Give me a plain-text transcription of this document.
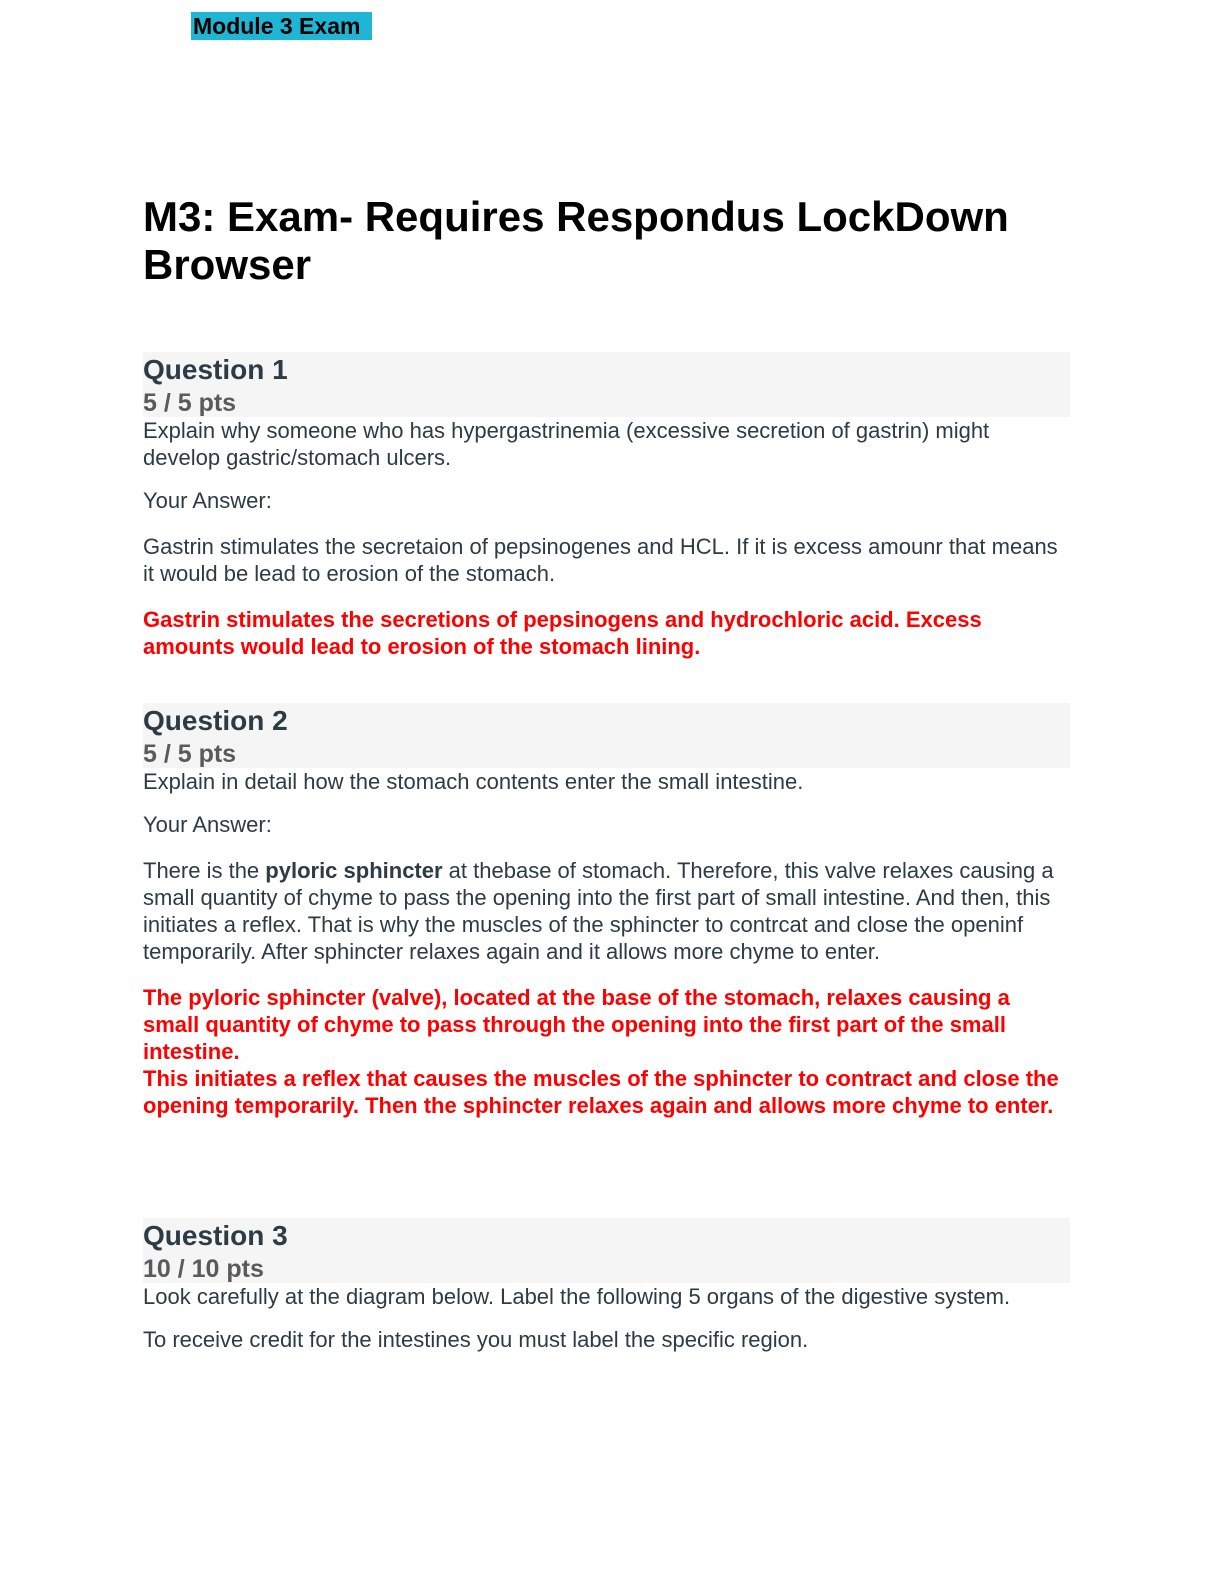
Module 3 Exam
M3: Exam- Requires Respondus LockDown Browser
Question 1
5 / 5 pts

Explain why someone who has hypergastrinemia (excessive secretion of gastrin) might develop gastric/stomach ulcers.

Your Answer:

Gastrin stimulates the secretaion of pepsinogenes and HCL. If it is excess amounr that means it would be lead to erosion of the stomach.

Gastrin stimulates the secretions of pepsinogens and hydrochloric acid. Excess amounts would lead to erosion of the stomach lining.

Question 2
5 / 5 pts

Explain in detail how the stomach contents enter the small intestine.

Your Answer:

There is the pyloric sphincter at thebase of stomach. Therefore, this valve relaxes causing a small quantity of chyme to pass the opening into the first part of small intestine. And then, this initiates a reflex. That is why the muscles of the sphincter to contrcat and close the openinf temporarily. After sphincter relaxes again and it allows more chyme to enter.

The pyloric sphincter (valve), located at the base of the stomach, relaxes causing a small quantity of chyme to pass through the opening into the first part of the small intestine.

This initiates a reflex that causes the muscles of the sphincter to contract and close the opening temporarily. Then the sphincter relaxes again and allows more chyme to enter.

Question 3
10 / 10 pts

Look carefully at the diagram below. Label the following 5 organs of the digestive system.

To receive credit for the intestines you must label the specific region.
